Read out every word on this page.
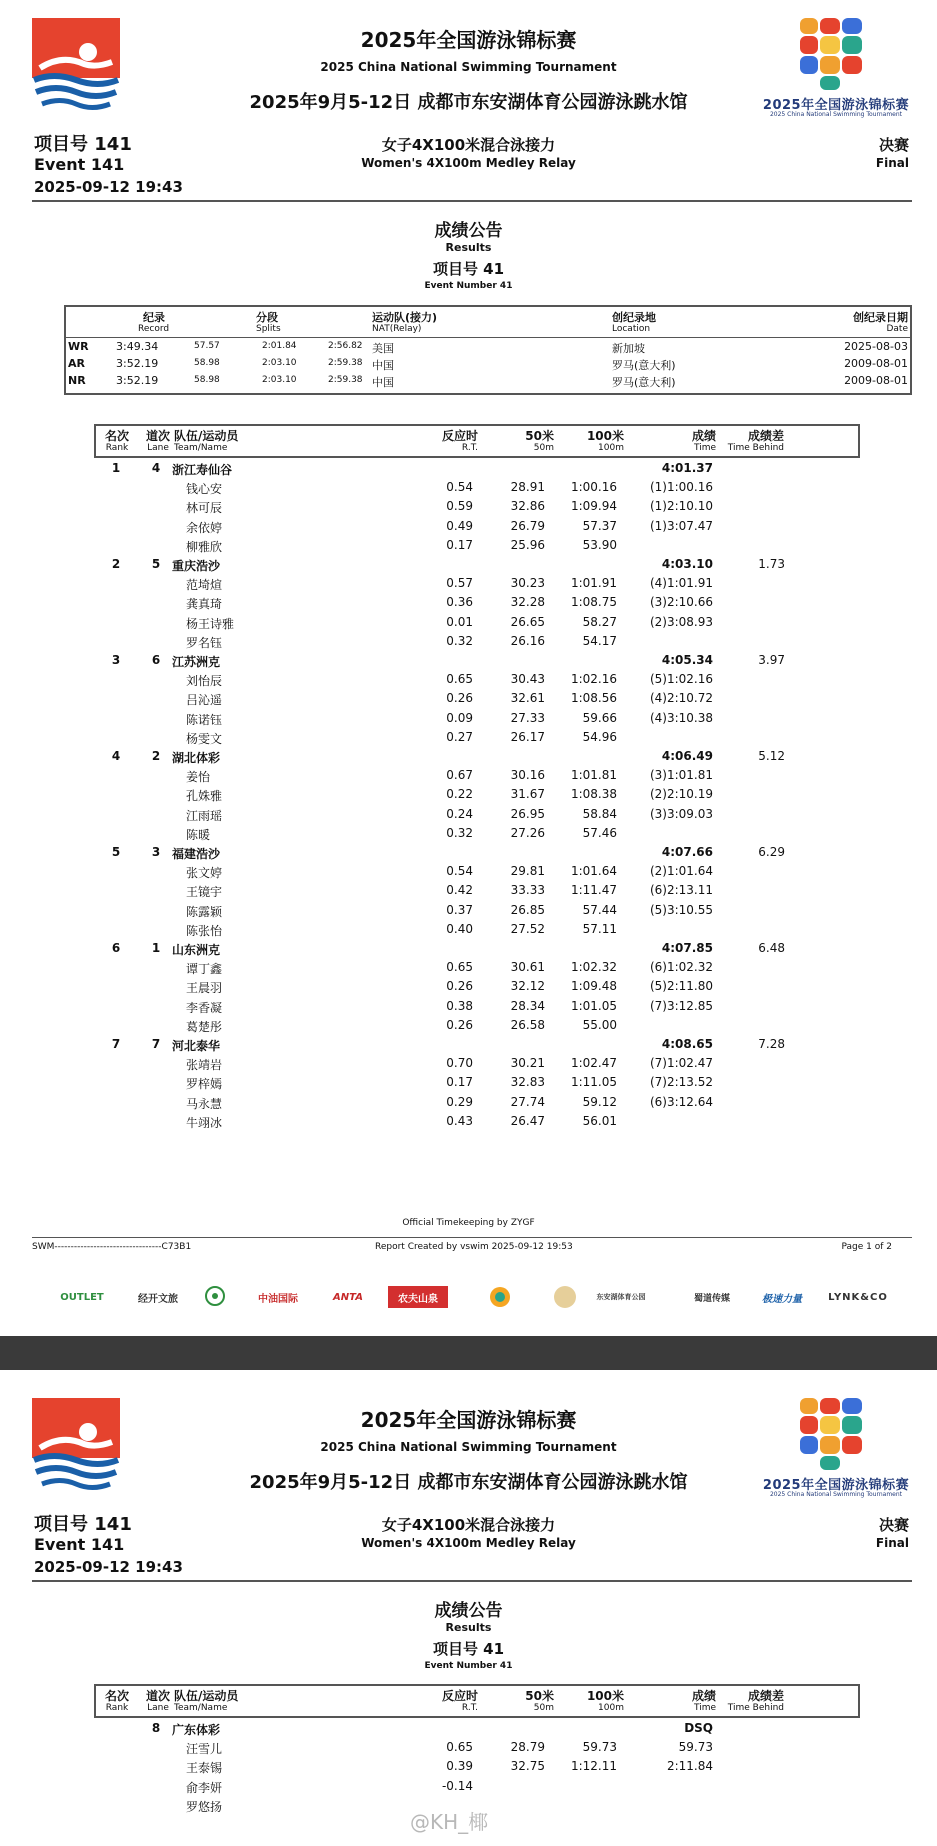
2025年全国游泳锦标赛
2025 China National Swimming Tournament
2025年全国游泳锦标赛
2025 China National Swimming Tournament
2025年9月5-12日 成都市东安湖体育公园游泳跳水馆
项目号 141
Event 141
2025-09-12 19:43
女子4X100米混合泳接力
Women's 4X100m Medley Relay
决赛
Final
成绩公告
Results
项目号 41
Event Number 41
纪录
Record
分段
Splits
运动队(接力)
NAT(Relay)
创纪录地
Location
创纪录日期
Date
WR 3:49.34	57.57	2:01.84	2:56.82 美国	新加坡	2025-08-03
AR	3:52.19	58.98	2:03.10	2:59.38 中国	罗马(意大利)	2009-08-01
NR	3:52.19	58.98	2:03.10	2:59.38 中国	罗马(意大利)	2009-08-01
名次
Rank
道次
Lane
队伍/运动员
Team/Name
反应时
R.T.
50米
50m
100米
100m
成绩
Time
成绩差
Time Behind
1	4 浙江寿仙谷	4:01.37
钱心安	0.54	28.91 1:00.16	(1)1:00.16
林可辰	0.59	32.86 1:09.94	(1)2:10.10
余依婷	0.49	26.79	57.37	(1)3:07.47
柳雅欣	0.17	25.96	53.90
2	5 重庆浩沙	4:03.10	1.73
范埼煊	0.57	30.23 1:01.91	(4)1:01.91
龚真琦	0.36	32.28 1:08.75	(3)2:10.66
杨王诗雅	0.01	26.65	58.27	(2)3:08.93
罗名钰	0.32	26.16	54.17
3	6 江苏洲克	4:05.34	3.97
刘怡辰	0.65	30.43 1:02.16	(5)1:02.16
吕沁遥	0.26	32.61 1:08.56	(4)2:10.72
陈诺钰	0.09	27.33	59.66	(4)3:10.38
杨雯文	0.27	26.17	54.96
4	2 湖北体彩	4:06.49	5.12
姜怡	0.67	30.16 1:01.81	(3)1:01.81
孔姝雅	0.22	31.67 1:08.38	(2)2:10.19
江雨瑶	0.24	26.95	58.84	(3)3:09.03
陈暖	0.32	27.26	57.46
5	3 福建浩沙	4:07.66	6.29
张文婷	0.54	29.81 1:01.64	(2)1:01.64
王镜宇	0.42	33.33 1:11.47	(6)2:13.11
陈露颖	0.37	26.85	57.44	(5)3:10.55
陈张怡	0.40	27.52	57.11
6	1 山东洲克	4:07.85	6.48
谭丁鑫	0.65	30.61 1:02.32	(6)1:02.32
王晨羽	0.26	32.12 1:09.48	(5)2:11.80
李香凝	0.38	28.34 1:01.05	(7)3:12.85
葛楚彤	0.26	26.58	55.00
7	7 河北泰华	4:08.65	7.28
张靖岩	0.70	30.21 1:02.47	(7)1:02.47
罗梓嫣	0.17	32.83 1:11.05	(7)2:13.52
马永慧	0.29	27.74	59.12	(6)3:12.64
牛翊冰	0.43	26.47	56.01
Official Timekeeping by ZYGF
SWM---------------------------------C73B1	Report Created by vswim 2025-09-12 19:53	Page 1 of 2
OUTLET	经开文旅	中油国际	ANTA	农夫山泉	东安湖体育公园	蜀道传媒	极速力量	LYNK&CO
2025年全国游泳锦标赛
2025 China National Swimming Tournament
2025年全国游泳锦标赛
2025 China National Swimming Tournament
2025年9月5-12日 成都市东安湖体育公园游泳跳水馆
项目号 141
Event 141
2025-09-12 19:43
女子4X100米混合泳接力
Women's 4X100m Medley Relay
决赛
Final
成绩公告
Results
项目号 41
Event Number 41
名次
Rank
道次
Lane
队伍/运动员
Team/Name
反应时
R.T.
50米
50m
100米
100m
成绩
Time
成绩差
Time Behind
8 广东体彩	DSQ
汪雪儿	0.65	28.79	59.73	59.73
王泰锡	0.39	32.75 1:12.11	2:11.84
俞李妍	-0.14
罗悠扬
@KH_椰
